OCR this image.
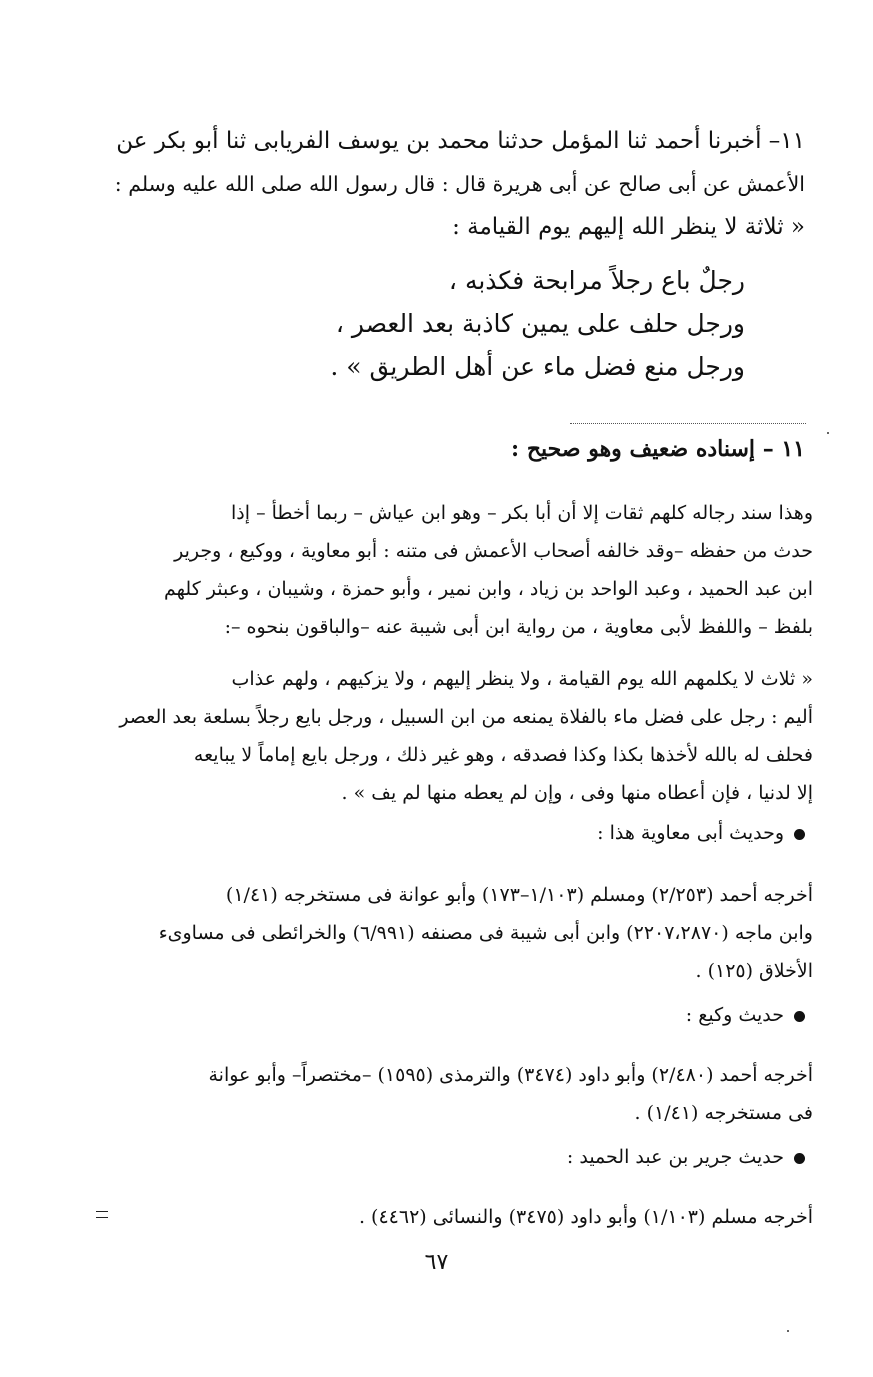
١١– أخبرنا أحمد ثنا المؤمل حدثنا محمد بن يوسف الفريابى ثنا أبو بكر عن
الأعمش عن أبى صالح عن أبى هريرة قال : قال رسول الله صلى الله عليه وسلم :
« ثلاثة لا ينظر الله إليهم يوم القيامة :
رجلٌ باع رجلاً مرابحة فكذبه ،
ورجل حلف على يمين كاذبة بعد العصر ،
ورجل منع فضل ماء عن أهل الطريق » .
١١ – إسناده ضعيف وهو صحيح :
وهذا سند رجاله كلهم ثقات إلا أن أبا بكر – وهو ابن عياش – ربما أخطأ – إذا
حدث من حفظه –وقد خالفه أصحاب الأعمش فى متنه : أبو معاوية ، ووكيع ، وجرير
ابن عبد الحميد ، وعبد الواحد بن زياد ، وابن نمير ، وأبو حمزة ، وشيبان ، وعبثر كلهم
بلفظ – واللفظ لأبى معاوية ، من رواية ابن أبى شيبة عنه –والباقون بنحوه –:
« ثلاث لا يكلمهم الله يوم القيامة ، ولا ينظر إليهم ، ولا يزكيهم ، ولهم عذاب
أليم : رجل على فضل ماء بالفلاة يمنعه من ابن السبيل ، ورجل بايع رجلاً بسلعة بعد العصر
فحلف له بالله لأخذها بكذا وكذا فصدقه ، وهو غير ذلك ، ورجل بايع إماماً لا يبايعه
إلا لدنيا ، فإن أعطاه منها وفى ، وإن لم يعطه منها لم يف » .
وحديث أبى معاوية هذا :
أخرجه أحمد (٢/٢٥٣) ومسلم (١/١٠٣–١٧٣) وأبو عوانة فى مستخرجه (١/٤١)
وابن ماجه (٢٢٠٧،٢٨٧٠) وابن أبى شيبة فى مصنفه (٦/٩٩١) والخرائطى فى مساوىء
الأخلاق (١٢٥) .
حديث وكيع :
أخرجه أحمد (٢/٤٨٠) وأبو داود (٣٤٧٤) والترمذى (١٥٩٥) –مختصراً– وأبو عوانة
فى مستخرجه (١/٤١) .
حديث جرير بن عبد الحميد :
أخرجه مسلم (١/١٠٣) وأبو داود (٣٤٧٥) والنسائى (٤٤٦٢) .
٦٧
